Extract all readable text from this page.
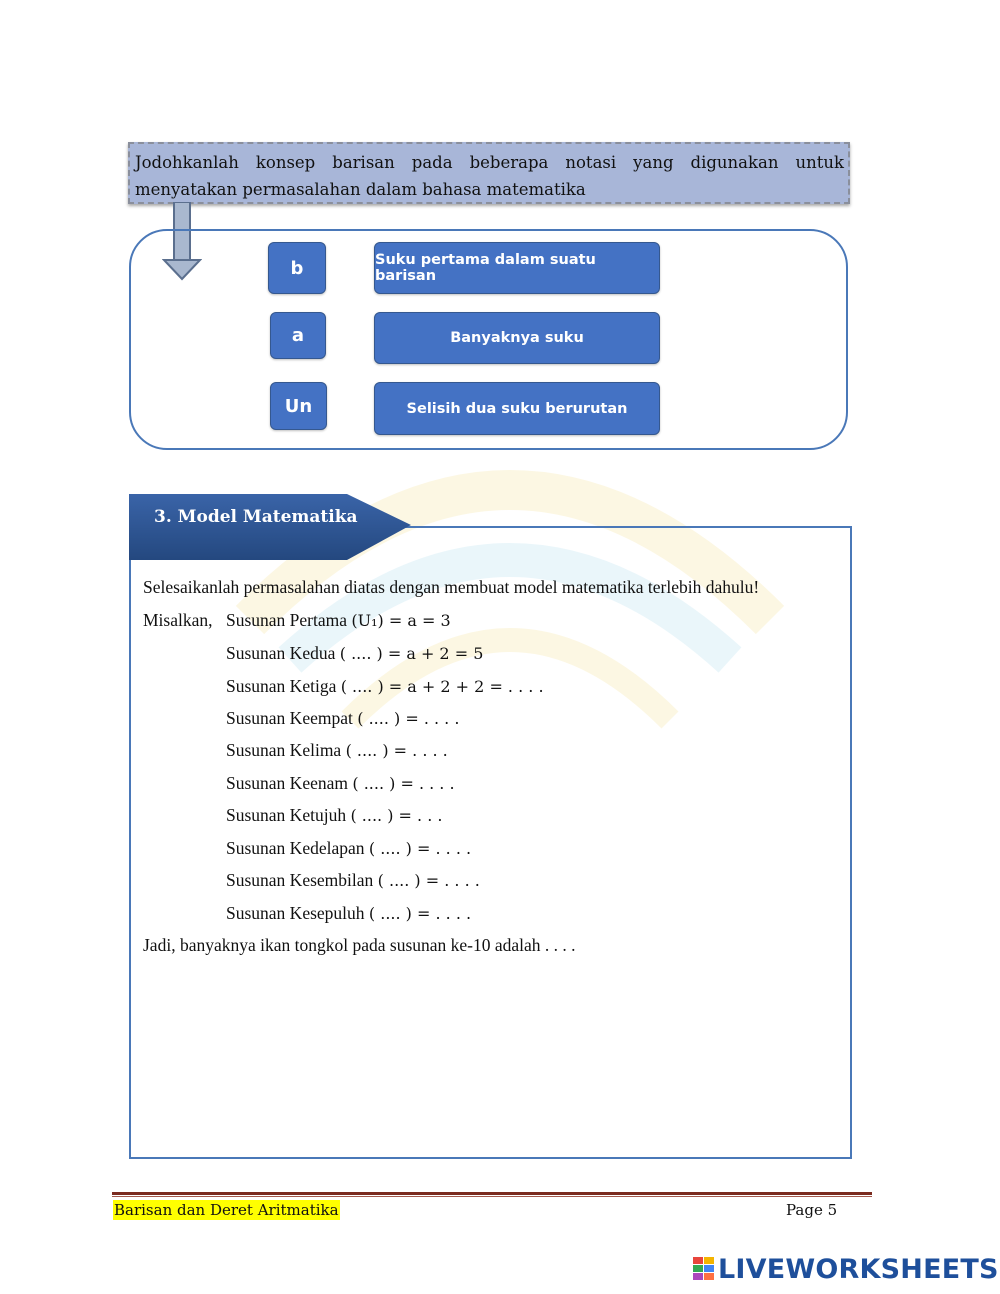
Jodohkanlah konsep barisan pada beberapa notasi yang digunakan untuk menyatakan permasalahan dalam bahasa matematika
b
a
Un
Suku pertama dalam suatu barisan
Banyaknya suku
Selisih dua suku berurutan
3. Model Matematika
Selesaikanlah permasalahan diatas dengan membuat model matematika terlebih dahulu!
Misalkan, Susunan Pertama (U₁) = a = 3
Susunan Kedua ( .... ) = a + 2 = 5
Susunan Ketiga ( .... ) = a + 2 + 2 = . . . .
Susunan Keempat ( .... ) = . . . .
Susunan Kelima ( .... ) = . . . .
Susunan Keenam ( .... ) = . . . .
Susunan Ketujuh ( .... ) = . . .
Susunan Kedelapan ( .... ) = . . . .
Susunan Kesembilan ( .... ) = . . . .
Susunan Kesepuluh ( .... ) = . . . .
Jadi, banyaknya ikan tongkol pada susunan ke-10 adalah . . . .
Barisan dan Deret Aritmatika	Page 5
LIVEWORKSHEETS
